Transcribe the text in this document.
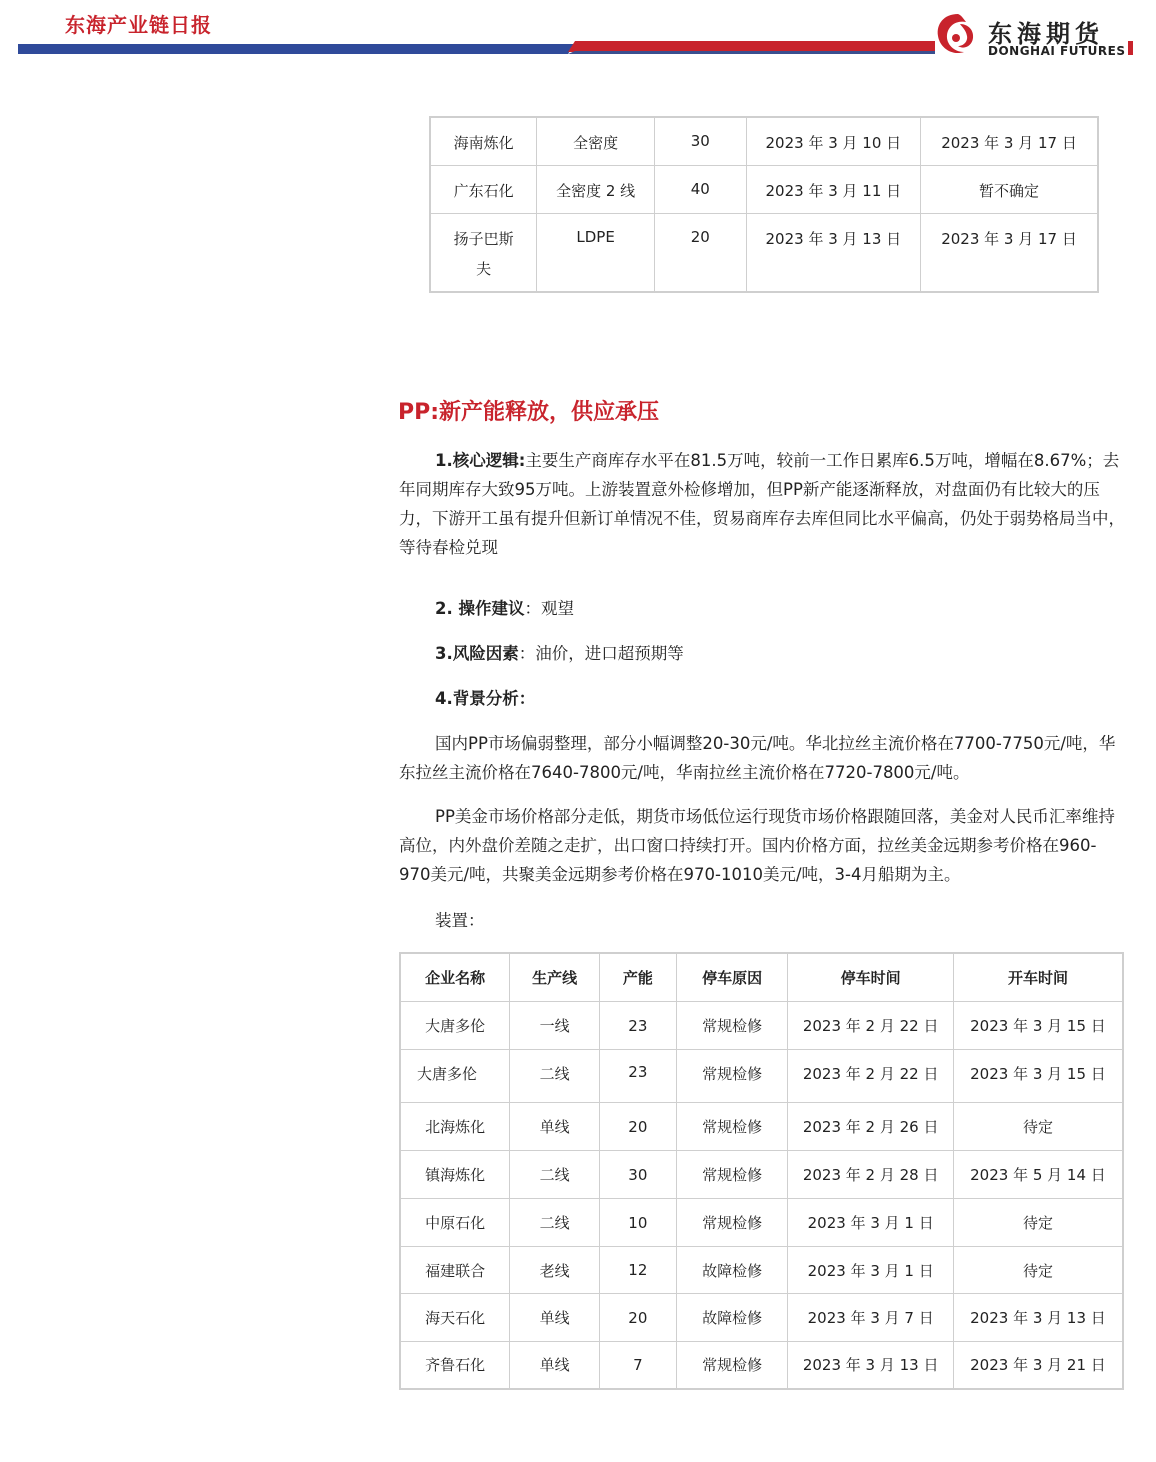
东海产业链日报	东海期货
DONGHAI FUTURES
海南炼化	全密度	30	2023 年 3 月 10 日	2023 年 3 月 17 日
广东石化	全密度 2 线	40	2023 年 3 月 11 日	暂不确定
扬子巴斯夫	LDPE	20	2023 年 3 月 13 日	2023 年 3 月 17 日
PP:新产能释放，供应承压
1.核心逻辑:主要生产商库存水平在81.5万吨，较前一工作日累库6.5万吨，增幅在8.67%；去年同期库存大致95万吨。上游装置意外检修增加，但PP新产能逐渐释放，对盘面仍有比较大的压力，下游开工虽有提升但新订单情况不佳，贸易商库存去库但同比水平偏高，仍处于弱势格局当中，等待春检兑现
2. 操作建议：观望
3.风险因素：油价，进口超预期等
4.背景分析：
国内PP市场偏弱整理，部分小幅调整20-30元/吨。华北拉丝主流价格在7700-7750元/吨，华东拉丝主流价格在7640-7800元/吨，华南拉丝主流价格在7720-7800元/吨。
PP美金市场价格部分走低，期货市场低位运行现货市场价格跟随回落，美金对人民币汇率维持高位，内外盘价差随之走扩，出口窗口持续打开。国内价格方面，拉丝美金远期参考价格在960-970美元/吨，共聚美金远期参考价格在970-1010美元/吨，3-4月船期为主。
装置：
企业名称	生产线	产能	停车原因	停车时间	开车时间
大唐多伦	一线	23	常规检修	2023 年 2 月 22 日	2023 年 3 月 15 日
大唐多伦	二线	23	常规检修	2023 年 2 月 22 日	2023 年 3 月 15 日
北海炼化	单线	20	常规检修	2023 年 2 月 26 日	待定
镇海炼化	二线	30	常规检修	2023 年 2 月 28 日	2023 年 5 月 14 日
中原石化	二线	10	常规检修	2023 年 3 月 1 日	待定
福建联合	老线	12	故障检修	2023 年 3 月 1 日	待定
海天石化	单线	20	故障检修	2023 年 3 月 7 日	2023 年 3 月 13 日
齐鲁石化	单线	7	常规检修	2023 年 3 月 13 日	2023 年 3 月 21 日
